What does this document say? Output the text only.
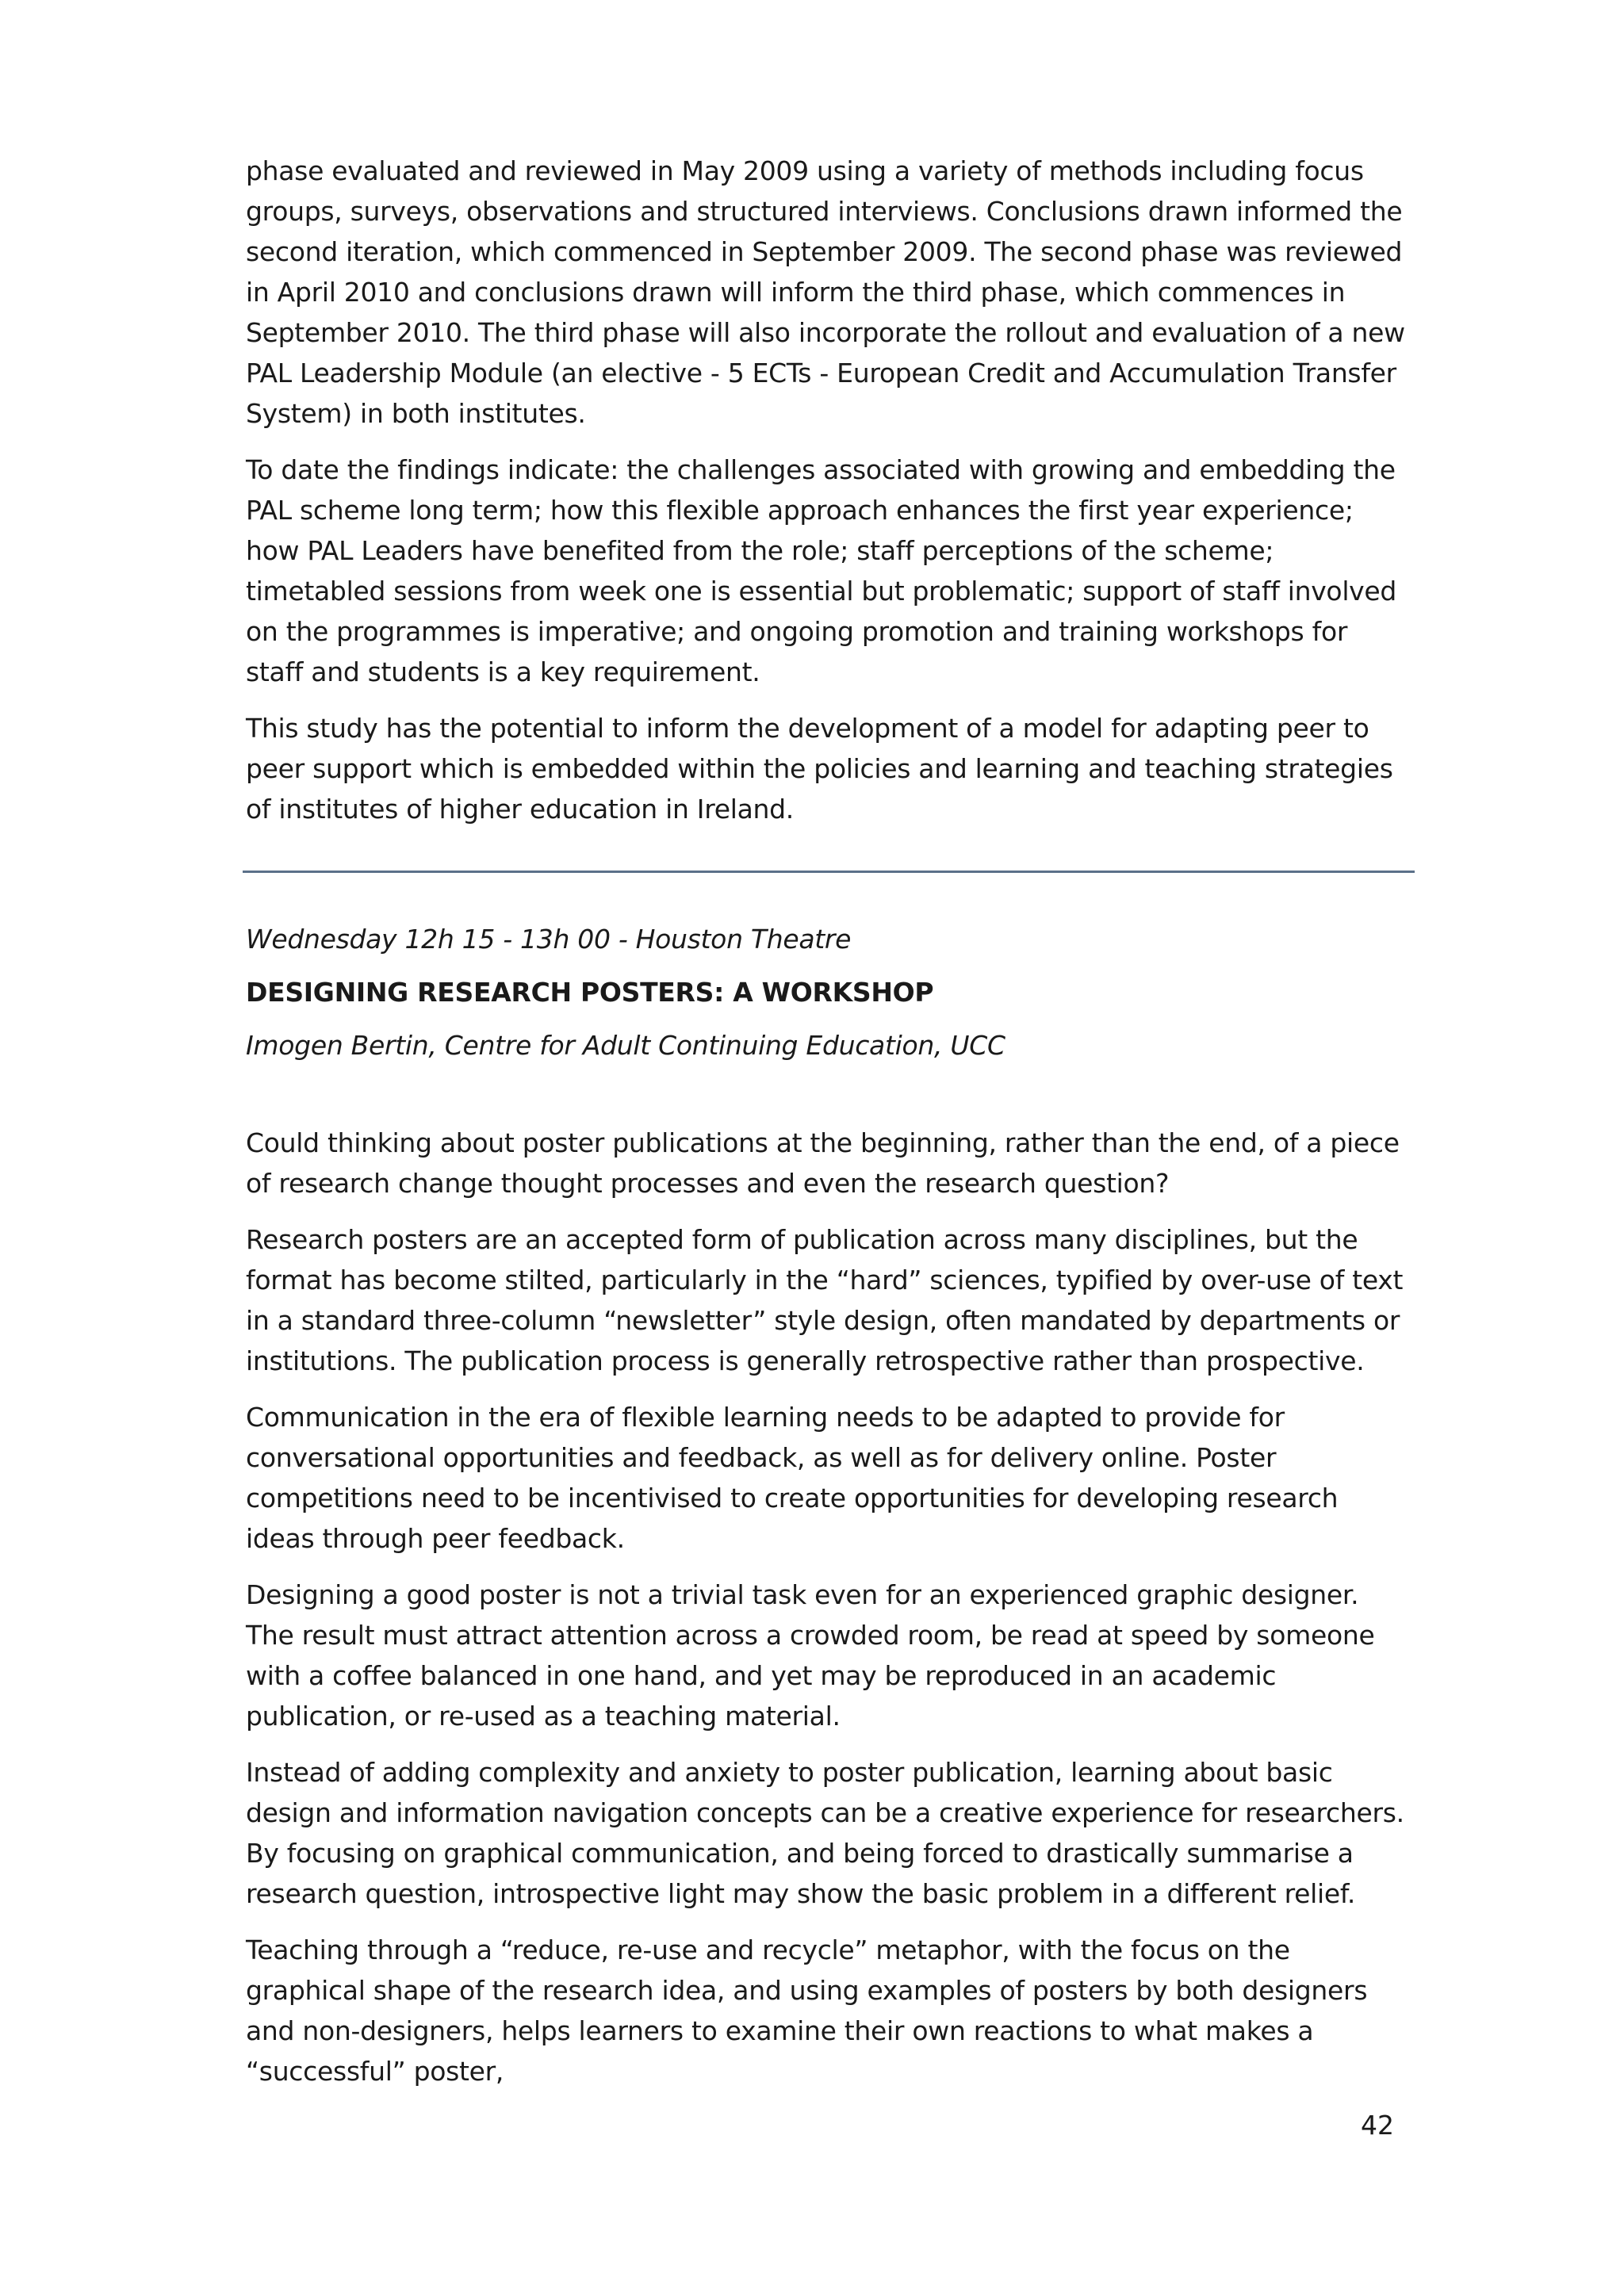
phase evaluated and reviewed in May 2009 using a variety of methods including focus groups, surveys, observations and structured interviews. Conclusions drawn informed the second iteration, which commenced in September 2009. The second phase was reviewed in April 2010 and conclusions drawn will inform the third phase, which commences in September 2010. The third phase will also incorporate the rollout and evaluation of a new PAL Leadership Module (an elective - 5 ECTs - European Credit and Accumulation Transfer System) in both institutes.

To date the findings indicate: the challenges associated with growing and embedding the PAL scheme long term; how this flexible approach enhances the first year experience; how PAL Leaders have benefited from the role; staff perceptions of the scheme; timetabled sessions from week one is essential but problematic; support of staff involved on the programmes is imperative; and ongoing promotion and training workshops for staff and students is a key requirement.

This study has the potential to inform the development of a model for adapting peer to peer support which is embedded within the policies and learning and teaching strategies of institutes of higher education in Ireland.

Wednesday 12h 15 - 13h 00 - Houston Theatre

DESIGNING RESEARCH POSTERS: A WORKSHOP

Imogen Bertin, Centre for Adult Continuing Education, UCC

Could thinking about poster publications at the beginning, rather than the end, of a piece of research change thought processes and even the research question?

Research posters are an accepted form of publication across many disciplines, but the format has become stilted, particularly in the “hard” sciences, typified by over-use of text in a standard three-column “newsletter” style design, often mandated by departments or institutions. The publication process is generally retrospective rather than prospective.

Communication in the era of flexible learning needs to be adapted to provide for conversational opportunities and feedback, as well as for delivery online. Poster competitions need to be incentivised to create opportunities for developing research ideas through peer feedback.

Designing a good poster is not a trivial task even for an experienced graphic designer. The result must attract attention across a crowded room, be read at speed by someone with a coffee balanced in one hand, and yet may be reproduced in an academic publication, or re-used as a teaching material.

Instead of adding complexity and anxiety to poster publication, learning about basic design and information navigation concepts can be a creative experience for researchers. By focusing on graphical communication, and being forced to drastically summarise a research question, introspective light may show the basic problem in a different relief.

Teaching through a “reduce, re-use and recycle” metaphor, with the focus on the graphical shape of the research idea, and using examples of posters by both designers and non-designers, helps learners to examine their own reactions to what makes a “successful” poster,

42
